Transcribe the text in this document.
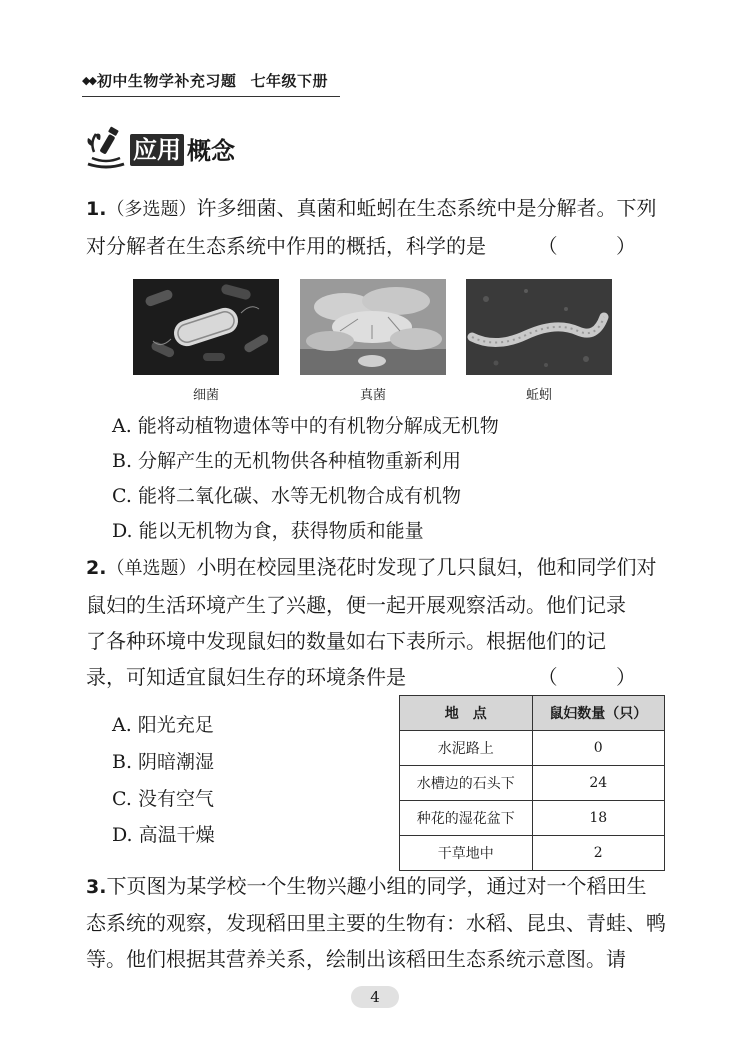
◆◆ 初中生物学补充习题 七年级下册
应用 概念
1.（多选题）许多细菌、真菌和蚯蚓在生态系统中是分解者。下列
对分解者在生态系统中作用的概括，科学的是	（ ）
细菌	真菌	蚯蚓
A. 能将动植物遗体等中的有机物分解成无机物
B. 分解产生的无机物供各种植物重新利用
C. 能将二氧化碳、水等无机物合成有机物
D. 能以无机物为食，获得物质和能量
2.（单选题）小明在校园里浇花时发现了几只鼠妇，他和同学们对
鼠妇的生活环境产生了兴趣，便一起开展观察活动。他们记录
了各种环境中发现鼠妇的数量如右下表所示。根据他们的记
录，可知适宜鼠妇生存的环境条件是	（ ）
A. 阳光充足
B. 阴暗潮湿
C. 没有空气
D. 高温干燥
地　点	鼠妇数量（只）
水泥路上	0
水槽边的石头下	24
种花的湿花盆下	18
干草地中	2
3.下页图为某学校一个生物兴趣小组的同学，通过对一个稻田生
态系统的观察，发现稻田里主要的生物有：水稻、昆虫、青蛙、鸭
等。他们根据其营养关系，绘制出该稻田生态系统示意图。请
4
